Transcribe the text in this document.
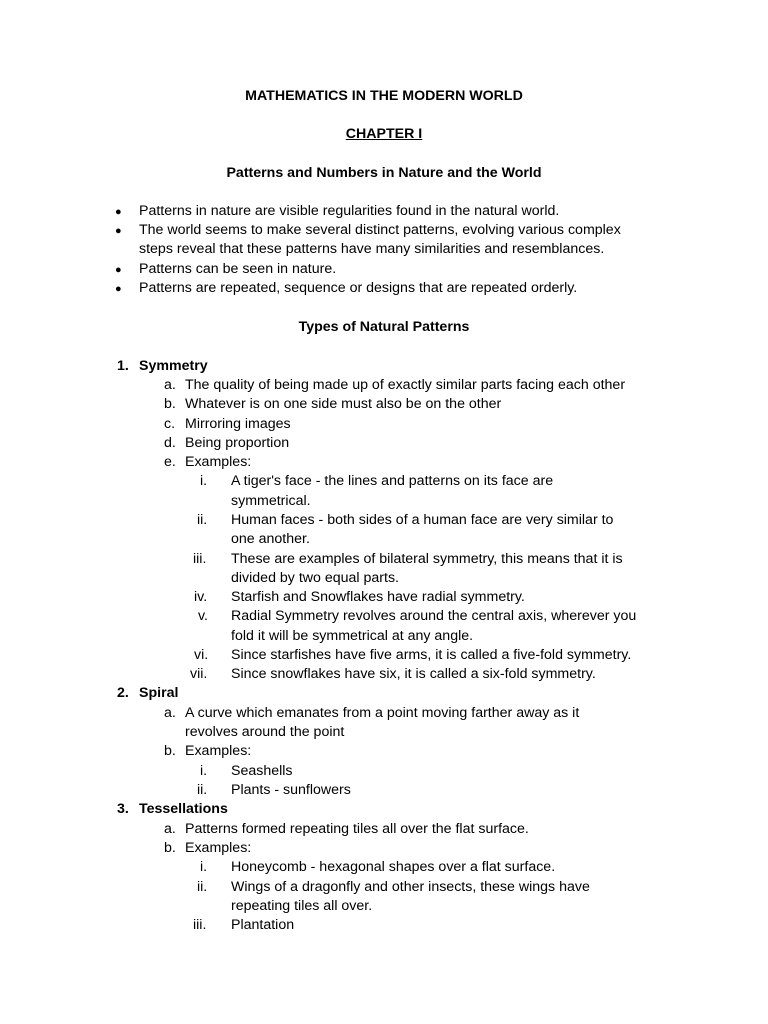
MATHEMATICS IN THE MODERN WORLD
CHAPTER I
Patterns and Numbers in Nature and the World
● Patterns in nature are visible regularities found in the natural world.
● The world seems to make several distinct patterns, evolving various complex
steps reveal that these patterns have many similarities and resemblances.
● Patterns can be seen in nature.
● Patterns are repeated, sequence or designs that are repeated orderly.
Types of Natural Patterns
1. Symmetry
a. The quality of being made up of exactly similar parts facing each other
b. Whatever is on one side must also be on the other
c. Mirroring images
d. Being proportion
e. Examples:
i. A tiger's face - the lines and patterns on its face are
symmetrical.
ii. Human faces - both sides of a human face are very similar to
one another.
iii. These are examples of bilateral symmetry, this means that it is
divided by two equal parts.
iv. Starfish and Snowflakes have radial symmetry.
v. Radial Symmetry revolves around the central axis, wherever you
fold it will be symmetrical at any angle.
vi. Since starfishes have five arms, it is called a five-fold symmetry.
vii. Since snowflakes have six, it is called a six-fold symmetry.
2. Spiral
a. A curve which emanates from a point moving farther away as it
revolves around the point
b. Examples:
i. Seashells
ii. Plants - sunflowers
3. Tessellations
a. Patterns formed repeating tiles all over the flat surface.
b. Examples:
i. Honeycomb - hexagonal shapes over a flat surface.
ii. Wings of a dragonfly and other insects, these wings have
repeating tiles all over.
iii. Plantation
